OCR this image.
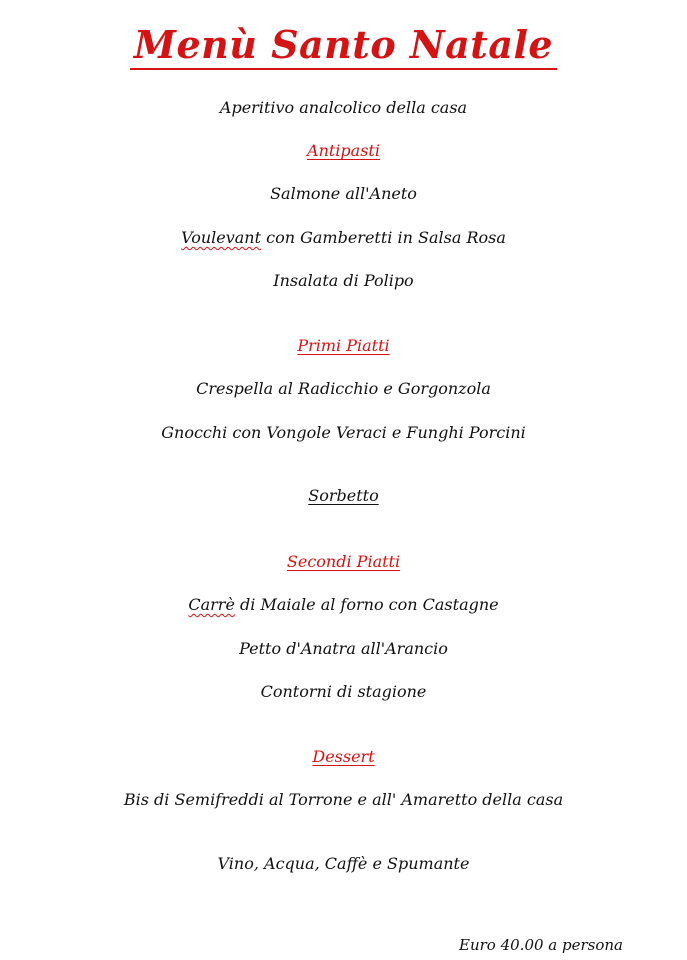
Menù Santo Natale
Aperitivo analcolico della casa
Antipasti
Salmone all'Aneto
Voulevant con Gamberetti in Salsa Rosa
Insalata di Polipo
Primi Piatti
Crespella al Radicchio e Gorgonzola
Gnocchi con Vongole Veraci e Funghi Porcini
Sorbetto
Secondi Piatti
Carrè di Maiale al forno con Castagne
Petto d'Anatra all'Arancio
Contorni di stagione
Dessert
Bis di Semifreddi al Torrone e all' Amaretto della casa
Vino, Acqua, Caffè e Spumante
Euro 40.00 a persona
